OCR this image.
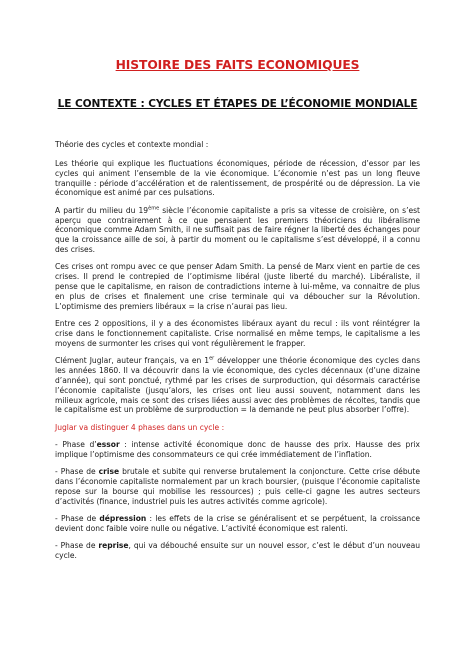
HISTOIRE DES FAITS ECONOMIQUES
LE CONTEXTE : CYCLES ET ÉTAPES DE L’ÉCONOMIE MONDIALE

Théorie des cycles et contexte mondial :

Les théorie qui explique les fluctuations économiques, période de récession, d’essor par les cycles qui animent l’ensemble de la vie économique. L’économie n’est pas un long fleuve tranquille : période d’accélération et de ralentissement, de prospérité ou de dépression. La vie économique est animé par ces pulsations.

A partir du milieu du 19ème siècle l’économie capitaliste a pris sa vitesse de croisière, on s’est aperçu que contrairement à ce que pensaient les premiers théoriciens du libéralisme économique comme Adam Smith, il ne suffisait pas de faire régner la liberté des échanges pour que la croissance aille de soi, à partir du moment ou le capitalisme s’est développé, il a connu des crises.

Ces crises ont rompu avec ce que penser Adam Smith. La pensé de Marx vient en partie de ces crises. Il prend le contrepied de l’optimisme libéral (juste liberté du marché). Libéraliste, il pense que le capitalisme, en raison de contradictions interne à lui-même, va connaitre de plus en plus de crises et finalement une crise terminale qui va déboucher sur la Révolution. L’optimisme des premiers libéraux = la crise n’aurai pas lieu.

Entre ces 2 oppositions, il y a des économistes libéraux ayant du recul : ils vont réintégrer la crise dans le fonctionnement capitaliste. Crise normalisé en même temps, le capitalisme a les moyens de surmonter les crises qui vont régulièrement le frapper.

Clément Juglar, auteur français, va en 1er développer une théorie économique des cycles dans les années 1860. Il va découvrir dans la vie économique, des cycles décennaux (d’une dizaine d’année), qui sont ponctué, rythmé par les crises de surproduction, qui désormais caractérise l’économie capitaliste (jusqu’alors, les crises ont lieu aussi souvent, notamment dans les milieux agricole, mais ce sont des crises liées aussi avec des problèmes de récoltes, tandis que le capitalisme est un problème de surproduction = la demande ne peut plus absorber l’offre).

Juglar va distinguer 4 phases dans un cycle :

- Phase d’essor : intense activité économique donc de hausse des prix. Hausse des prix implique l’optimisme des consommateurs ce qui crée immédiatement de l’inflation.

- Phase de crise brutale et subite qui renverse brutalement la conjoncture. Cette crise débute dans l’économie capitaliste normalement par un krach boursier, (puisque l’économie capitaliste repose sur la bourse qui mobilise les ressources) ; puis celle-ci gagne les autres secteurs d’activités (finance, industriel puis les autres activités comme agricole).

- Phase de dépression : les effets de la crise se généralisent et se perpétuent, la croissance devient donc faible voire nulle ou négative. L’activité économique est ralenti.

- Phase de reprise, qui va débouché ensuite sur un nouvel essor, c’est le début d’un nouveau cycle.
